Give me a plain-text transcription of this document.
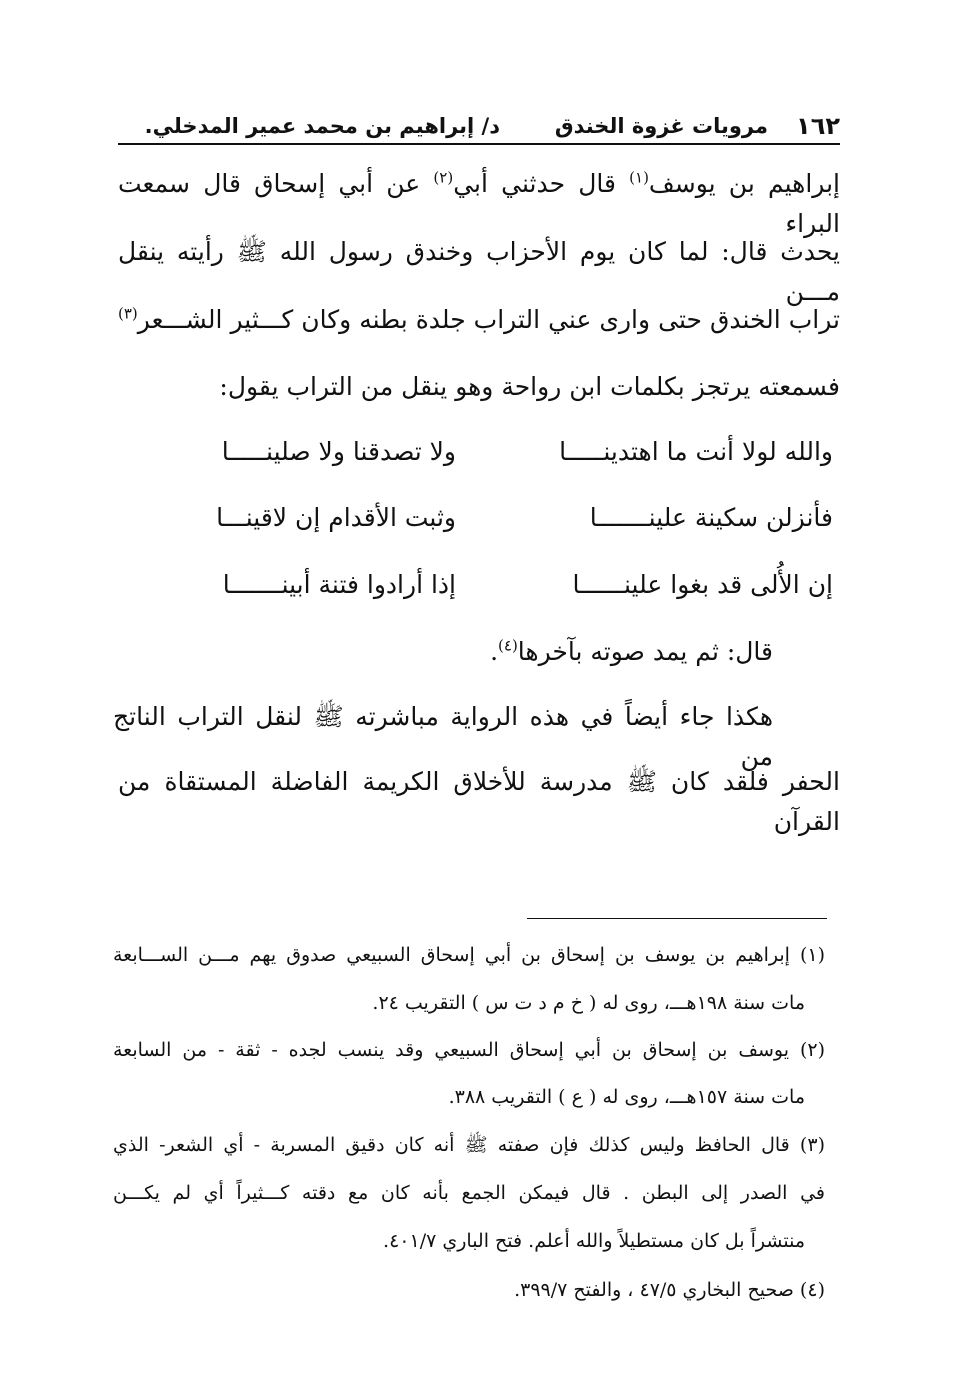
١٦٢
مرويات غزوة الخندق
د/ إبراهيم بن محمد عمير المدخلي.
إبراهيم بن يوسف$^{(١)}$ قال حدثني أبي$^{(٢)}$ عن أبي إسحاق قال سمعت البراء
يحدث قال: لما كان يوم الأحزاب وخندق رسول الله ﷺ رأيته ينقل مـــن
تراب الخندق حتى وارى عني التراب جلدة بطنه وكان كـــثير الشـــعر$^{(٣)}$
فسمعته يرتجز بكلمات ابن رواحة وهو ينقل من التراب يقول:
والله لولا أنت ما اهتدينـــــا
ولا تصدقنا ولا صلينـــــا
فأنزلن سكينة علينـــــــا
وثبت الأقدام إن لاقينـــا
إن الأُلى قد بغوا علينــــــا
إذا أرادوا فتنة أبينـــــــا
قال: ثم يمد صوته بآخرها$^{(٤)}$.
هكذا جاء أيضاً في هذه الرواية مباشرته ﷺ لنقل التراب الناتج من
الحفر فلقد كان ﷺ مدرسة للأخلاق الكريمة الفاضلة المستقاة من القرآن
(١) إبراهيم بن يوسف بن إسحاق بن أبي إسحاق السبيعي صدوق يهم مـــن الســـابعة
مات سنة ١٩٨هـــ، روى له ( خ م د ت س ) التقريب ٢٤.
(٢) يوسف بن إسحاق بن أبي إسحاق السبيعي وقد ينسب لجده - ثقة - من السابعة
مات سنة ١٥٧هـــ، روى له ( ع ) التقريب ٣٨٨.
(٣) قال الحافظ وليس كذلك فإن صفته ﷺ أنه كان دقيق المسربة - أي الشعر- الذي
في الصدر إلى البطن . قال فيمكن الجمع بأنه كان مع دقته كـــثيراً أي لم يكـــن
منتشراً بل كان مستطيلاً والله أعلم. فتح الباري ٤٠١/٧.
(٤) صحيح البخاري ٤٧/٥ ، والفتح ٣٩٩/٧.
